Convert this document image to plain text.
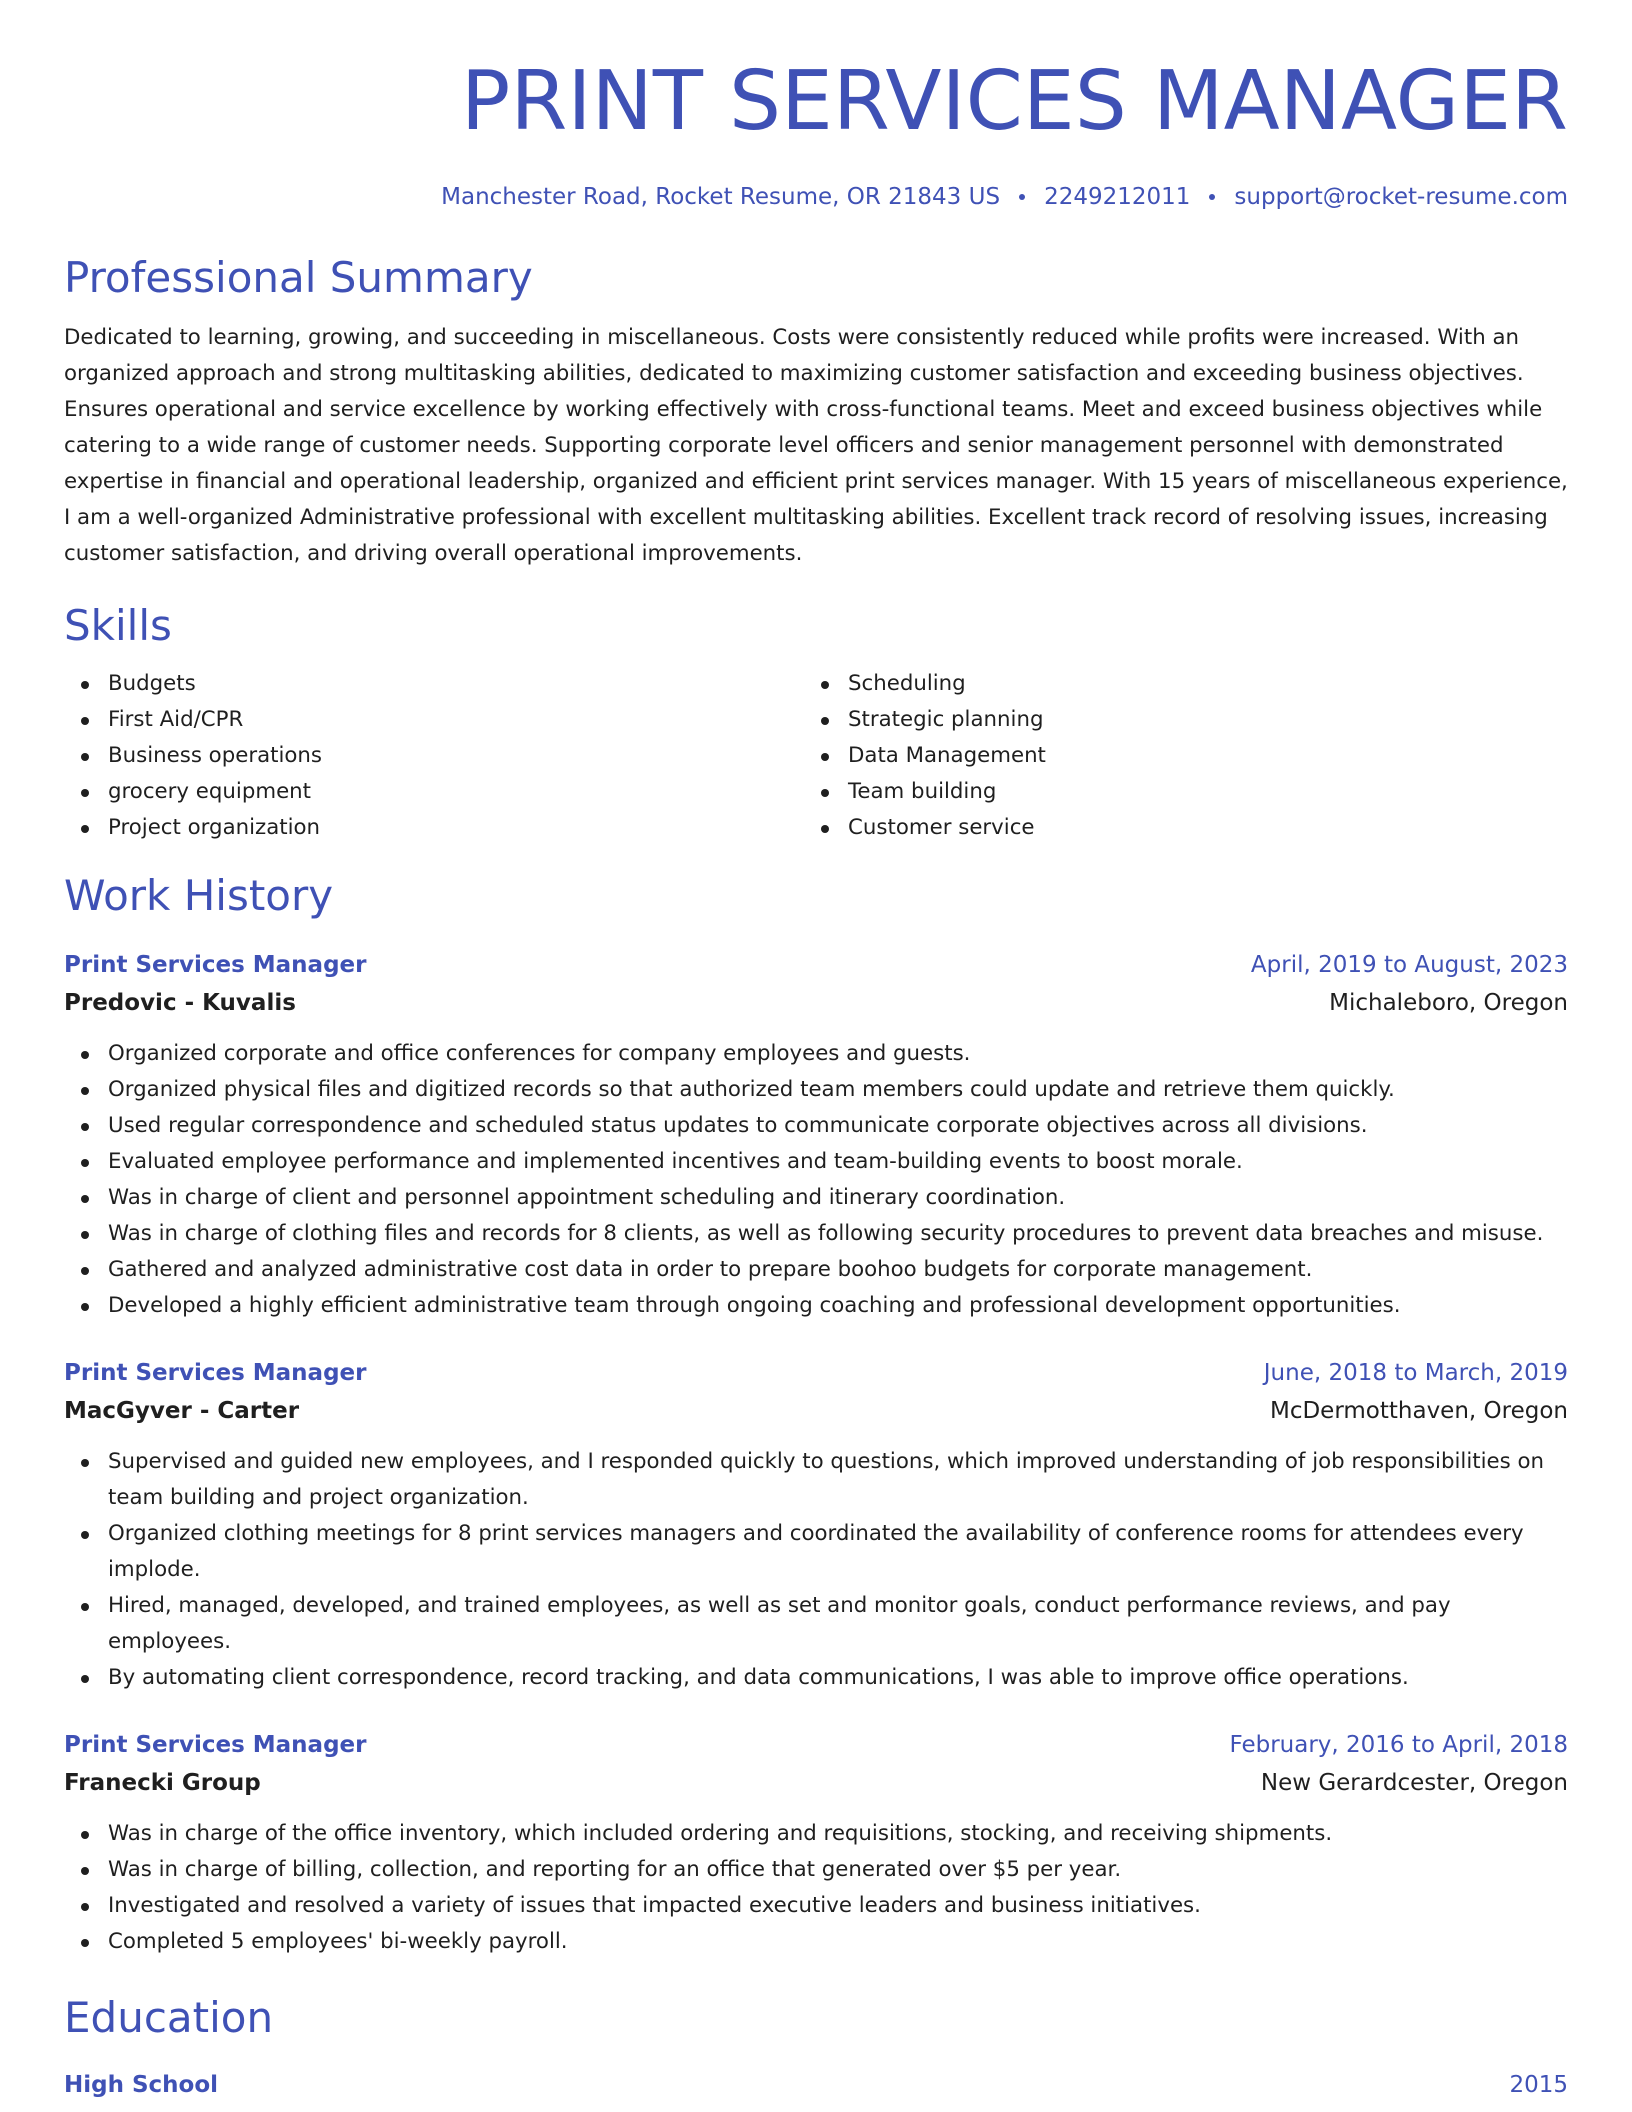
PRINT SERVICES MANAGER
Manchester Road, Rocket Resume, OR 21843 US 2249212011 support@rocket-resume.com
Professional Summary
Dedicated to learning, growing, and succeeding in miscellaneous. Costs were consistently reduced while profits were increased. With an organized approach and strong multitasking abilities, dedicated to maximizing customer satisfaction and exceeding business objectives. Ensures operational and service excellence by working effectively with cross-functional teams. Meet and exceed business objectives while catering to a wide range of customer needs. Supporting corporate level officers and senior management personnel with demonstrated expertise in financial and operational leadership, organized and efficient print services manager. With 15 years of miscellaneous experience, I am a well-organized Administrative professional with excellent multitasking abilities. Excellent track record of resolving issues, increasing customer satisfaction, and driving overall operational improvements.
Skills
Budgets
First Aid/CPR
Business operations
grocery equipment
Project organization
Scheduling
Strategic planning
Data Management
Team building
Customer service
Work History
Print Services Manager	April, 2019 to August, 2023
Predovic - Kuvalis	Michaleboro, Oregon
Organized corporate and office conferences for company employees and guests.
Organized physical files and digitized records so that authorized team members could update and retrieve them quickly.
Used regular correspondence and scheduled status updates to communicate corporate objectives across all divisions.
Evaluated employee performance and implemented incentives and team-building events to boost morale.
Was in charge of client and personnel appointment scheduling and itinerary coordination.
Was in charge of clothing files and records for 8 clients, as well as following security procedures to prevent data breaches and misuse.
Gathered and analyzed administrative cost data in order to prepare boohoo budgets for corporate management.
Developed a highly efficient administrative team through ongoing coaching and professional development opportunities.
Print Services Manager	June, 2018 to March, 2019
MacGyver - Carter	McDermotthaven, Oregon
Supervised and guided new employees, and I responded quickly to questions, which improved understanding of job responsibilities on team building and project organization.
Organized clothing meetings for 8 print services managers and coordinated the availability of conference rooms for attendees every implode.
Hired, managed, developed, and trained employees, as well as set and monitor goals, conduct performance reviews, and pay employees.
By automating client correspondence, record tracking, and data communications, I was able to improve office operations.
Print Services Manager	February, 2016 to April, 2018
Franecki Group	New Gerardcester, Oregon
Was in charge of the office inventory, which included ordering and requisitions, stocking, and receiving shipments.
Was in charge of billing, collection, and reporting for an office that generated over $5 per year.
Investigated and resolved a variety of issues that impacted executive leaders and business initiatives.
Completed 5 employees' bi-weekly payroll.
Education
High School	2015
